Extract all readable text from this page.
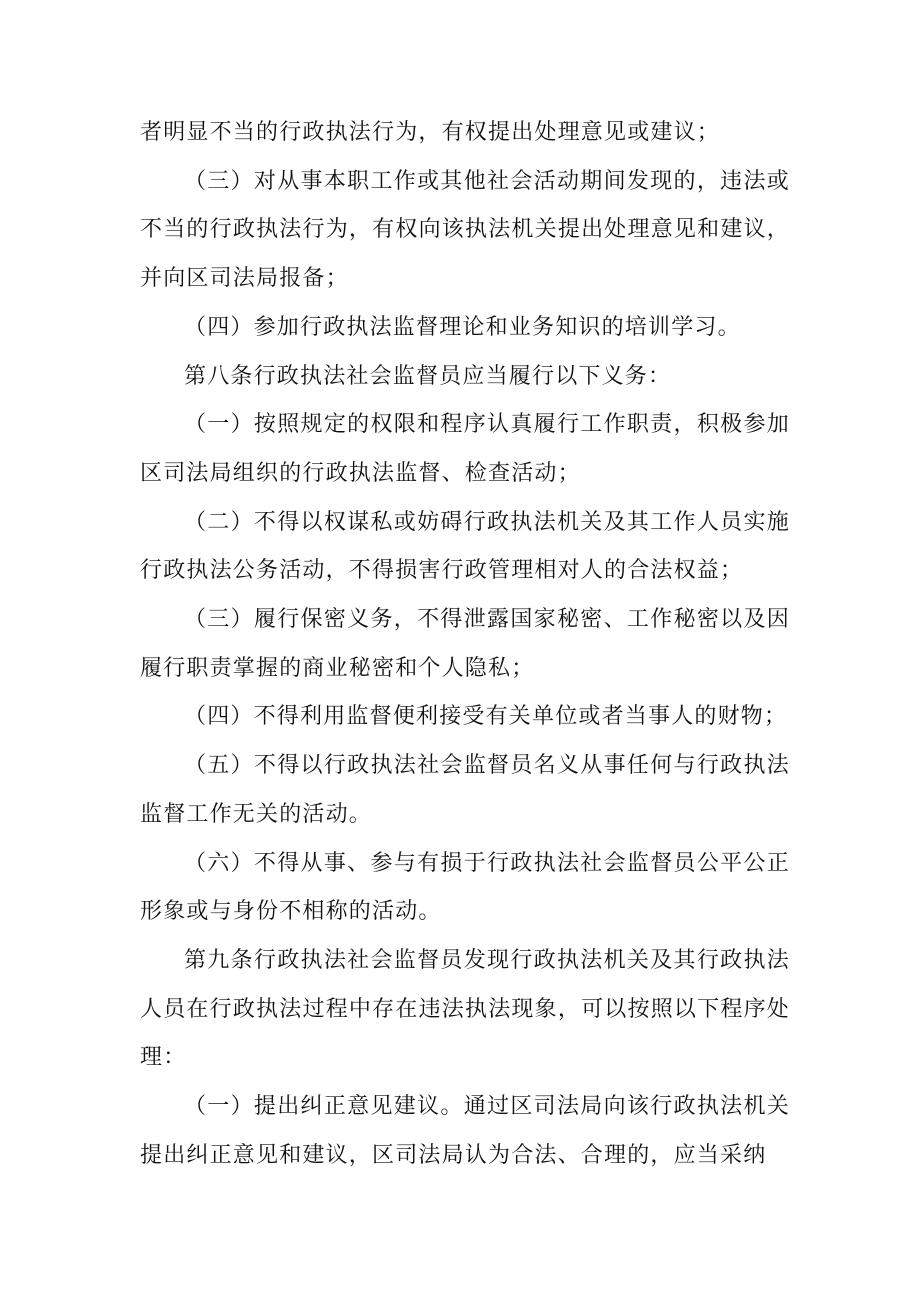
者明显不当的行政执法行为，有权提出处理意见或建议；

（三）对从事本职工作或其他社会活动期间发现的，违法或不当的行政执法行为，有权向该执法机关提出处理意见和建议，并向区司法局报备；

（四）参加行政执法监督理论和业务知识的培训学习。

第八条行政执法社会监督员应当履行以下义务：

（一）按照规定的权限和程序认真履行工作职责，积极参加区司法局组织的行政执法监督、检查活动；

（二）不得以权谋私或妨碍行政执法机关及其工作人员实施行政执法公务活动，不得损害行政管理相对人的合法权益；

（三）履行保密义务，不得泄露国家秘密、工作秘密以及因履行职责掌握的商业秘密和个人隐私；

（四）不得利用监督便利接受有关单位或者当事人的财物；

（五）不得以行政执法社会监督员名义从事任何与行政执法监督工作无关的活动。

（六）不得从事、参与有损于行政执法社会监督员公平公正形象或与身份不相称的活动。

第九条行政执法社会监督员发现行政执法机关及其行政执法人员在行政执法过程中存在违法执法现象，可以按照以下程序处理：

（一）提出纠正意见建议。通过区司法局向该行政执法机关提出纠正意见和建议，区司法局认为合法、合理的，应当采纳
